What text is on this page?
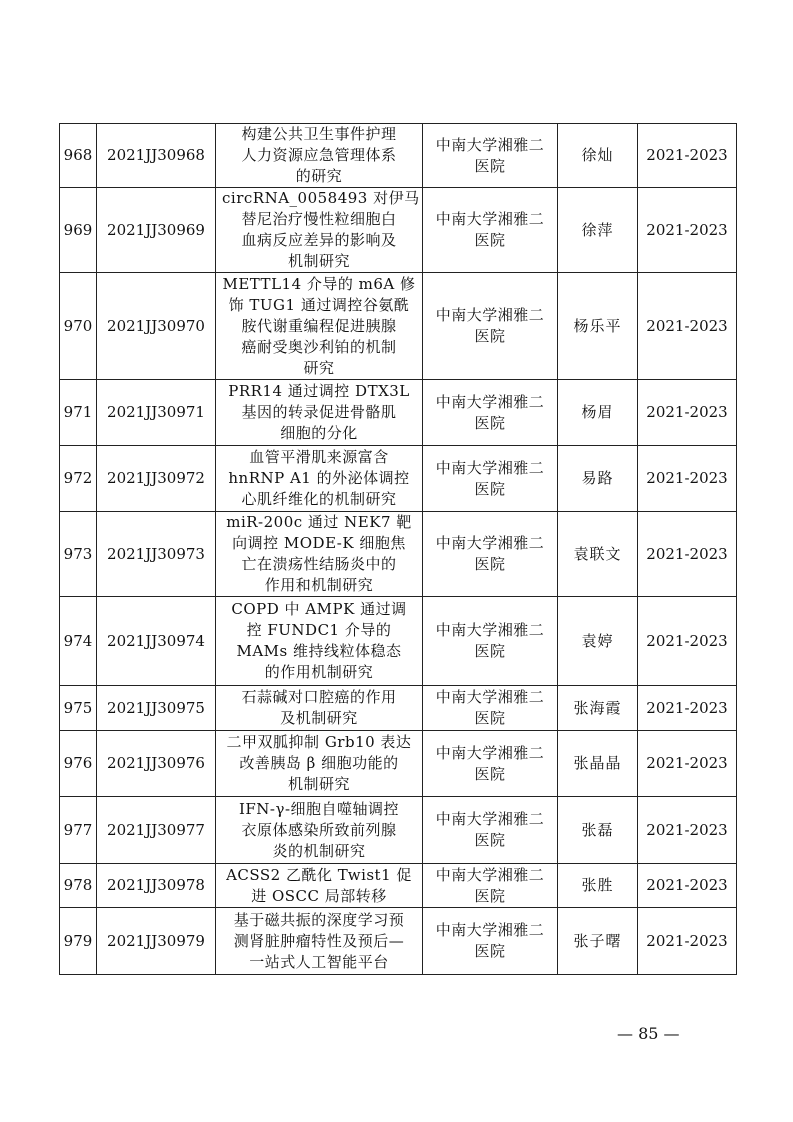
968	2021JJ30968	构建公共卫生事件护理
人力资源应急管理体系
的研究	中南大学湘雅二医院	徐灿	2021-2023
969	2021JJ30969	circRNA_0058493 对伊马
替尼治疗慢性粒细胞白
血病反应差异的影响及
机制研究	中南大学湘雅二医院	徐萍	2021-2023
970	2021JJ30970	METTL14 介导的 m6A 修
饰 TUG1 通过调控谷氨酰
胺代谢重编程促进胰腺
癌耐受奥沙利铂的机制
研究	中南大学湘雅二医院	杨乐平	2021-2023
971	2021JJ30971	PRR14 通过调控 DTX3L
基因的转录促进骨骼肌
细胞的分化	中南大学湘雅二医院	杨眉	2021-2023
972	2021JJ30972	血管平滑肌来源富含
hnRNP A1 的外泌体调控
心肌纤维化的机制研究	中南大学湘雅二医院	易路	2021-2023
973	2021JJ30973	miR-200c 通过 NEK7 靶
向调控 MODE-K 细胞焦
亡在溃疡性结肠炎中的
作用和机制研究	中南大学湘雅二医院	袁联文	2021-2023
974	2021JJ30974	COPD 中 AMPK 通过调
控 FUNDC1 介导的
MAMs 维持线粒体稳态
的作用机制研究	中南大学湘雅二医院	袁婷	2021-2023
975	2021JJ30975	石蒜碱对口腔癌的作用
及机制研究	中南大学湘雅二医院	张海霞	2021-2023
976	2021JJ30976	二甲双胍抑制 Grb10 表达
改善胰岛 β 细胞功能的
机制研究	中南大学湘雅二医院	张晶晶	2021-2023
977	2021JJ30977	IFN-γ-细胞自噬轴调控
衣原体感染所致前列腺
炎的机制研究	中南大学湘雅二医院	张磊	2021-2023
978	2021JJ30978	ACSS2 乙酰化 Twist1 促
进 OSCC 局部转移	中南大学湘雅二医院	张胜	2021-2023
979	2021JJ30979	基于磁共振的深度学习预
测肾脏肿瘤特性及预后—
一站式人工智能平台	中南大学湘雅二医院	张子曙	2021-2023
— 85 —
